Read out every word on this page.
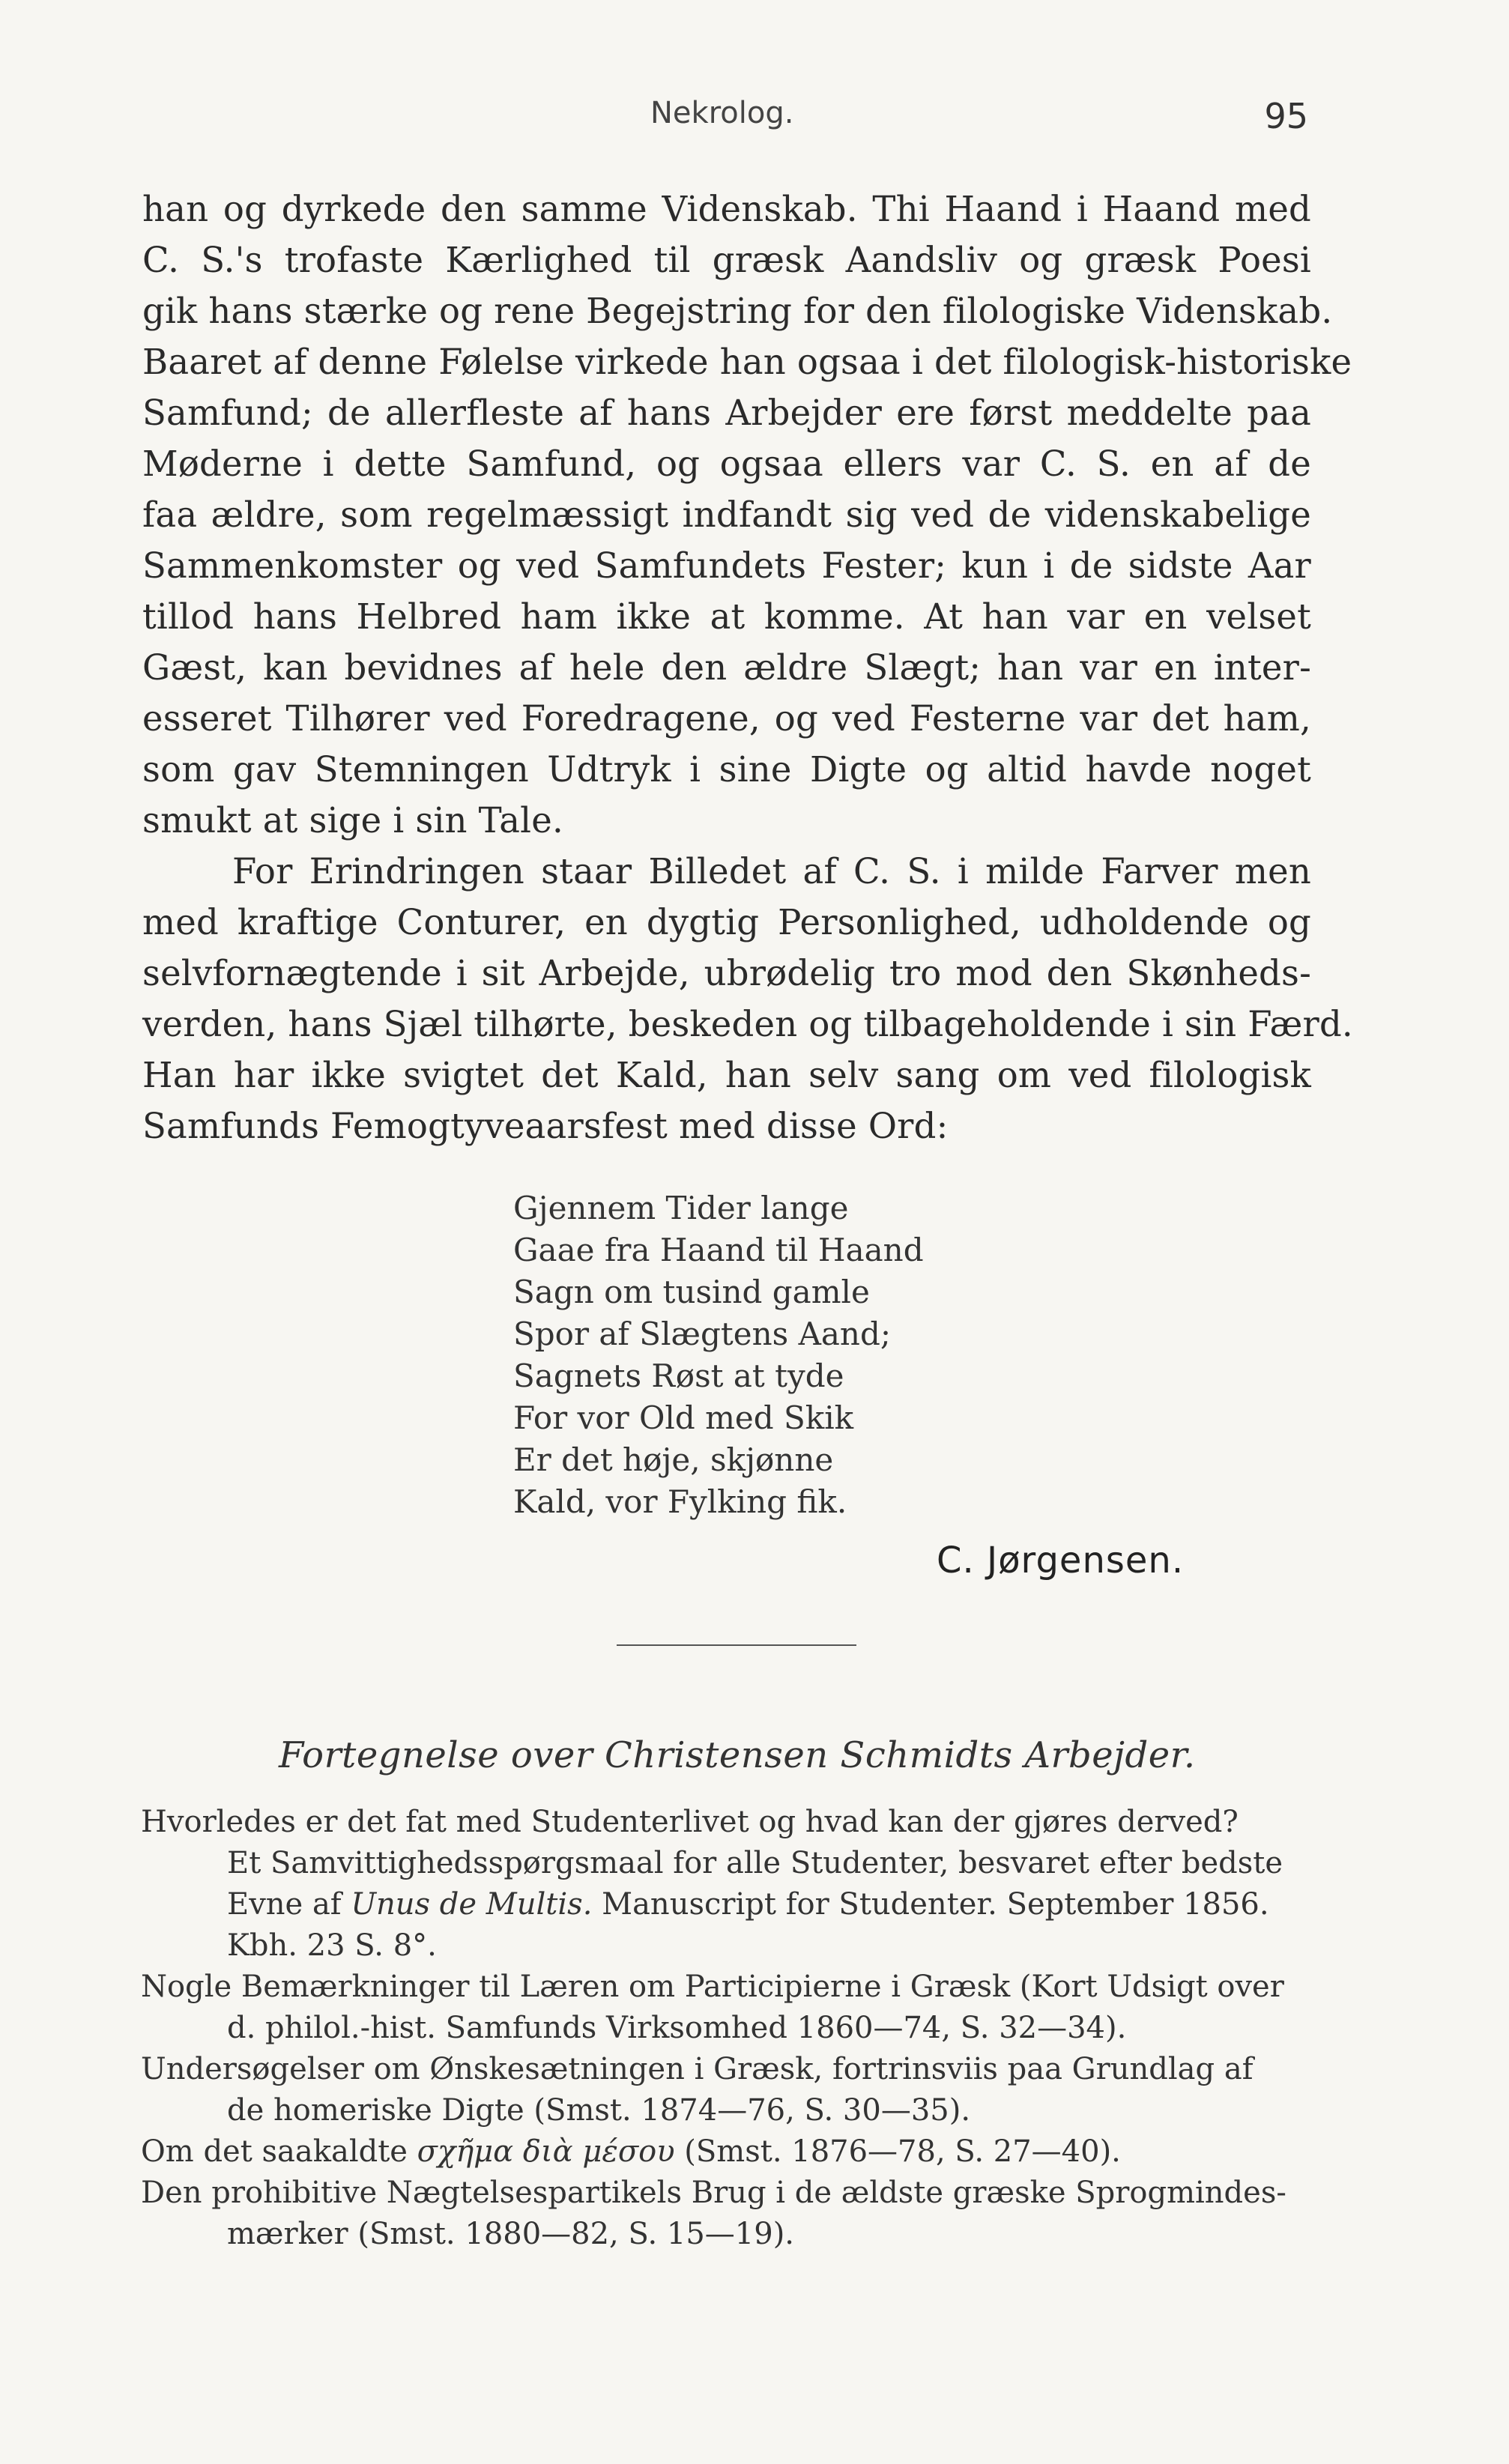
Nekrolog.	95
han og dyrkede den samme Videnskab. Thi Haand i Haand med
C. S.'s trofaste Kærlighed til græsk Aandsliv og græsk Poesi
gik hans stærke og rene Begejstring for den filologiske Videnskab.
Baaret af denne Følelse virkede han ogsaa i det filologisk-historiske
Samfund; de allerfleste af hans Arbejder ere først meddelte paa
Møderne i dette Samfund, og ogsaa ellers var C. S. en af de
faa ældre, som regelmæssigt indfandt sig ved de videnskabelige
Sammenkomster og ved Samfundets Fester; kun i de sidste Aar
tillod hans Helbred ham ikke at komme. At han var en velset
Gæst, kan bevidnes af hele den ældre Slægt; han var en inter-
esseret Tilhører ved Foredragene, og ved Festerne var det ham,
som gav Stemningen Udtryk i sine Digte og altid havde noget
smukt at sige i sin Tale.
For Erindringen staar Billedet af C. S. i milde Farver men
med kraftige Conturer, en dygtig Personlighed, udholdende og
selvfornægtende i sit Arbejde, ubrødelig tro mod den Skønheds-
verden, hans Sjæl tilhørte, beskeden og tilbageholdende i sin Færd.
Han har ikke svigtet det Kald, han selv sang om ved filologisk
Samfunds Femogtyveaarsfest med disse Ord:
Gjennem Tider lange
Gaae fra Haand til Haand
Sagn om tusind gamle
Spor af Slægtens Aand;
Sagnets Røst at tyde
For vor Old med Skik
Er det høje, skjønne
Kald, vor Fylking fik.
C. Jørgensen.
Fortegnelse over Christensen Schmidts Arbejder.
Hvorledes er det fat med Studenterlivet og hvad kan der gjøres derved?
Et Samvittighedsspørgsmaal for alle Studenter, besvaret efter bedste
Evne af Unus de Multis. Manuscript for Studenter. September 1856.
Kbh. 23 S. 8°.
Nogle Bemærkninger til Læren om Participierne i Græsk (Kort Udsigt over
d. philol.-hist. Samfunds Virksomhed 1860—74, S. 32—34).
Undersøgelser om Ønskesætningen i Græsk, fortrinsviis paa Grundlag af
de homeriske Digte (Smst. 1874—76, S. 30—35).
Om det saakaldte σχῆμα διὰ μέσου (Smst. 1876—78, S. 27—40).
Den prohibitive Nægtelsespartikels Brug i de ældste græske Sprogmindes-
mærker (Smst. 1880—82, S. 15—19).
